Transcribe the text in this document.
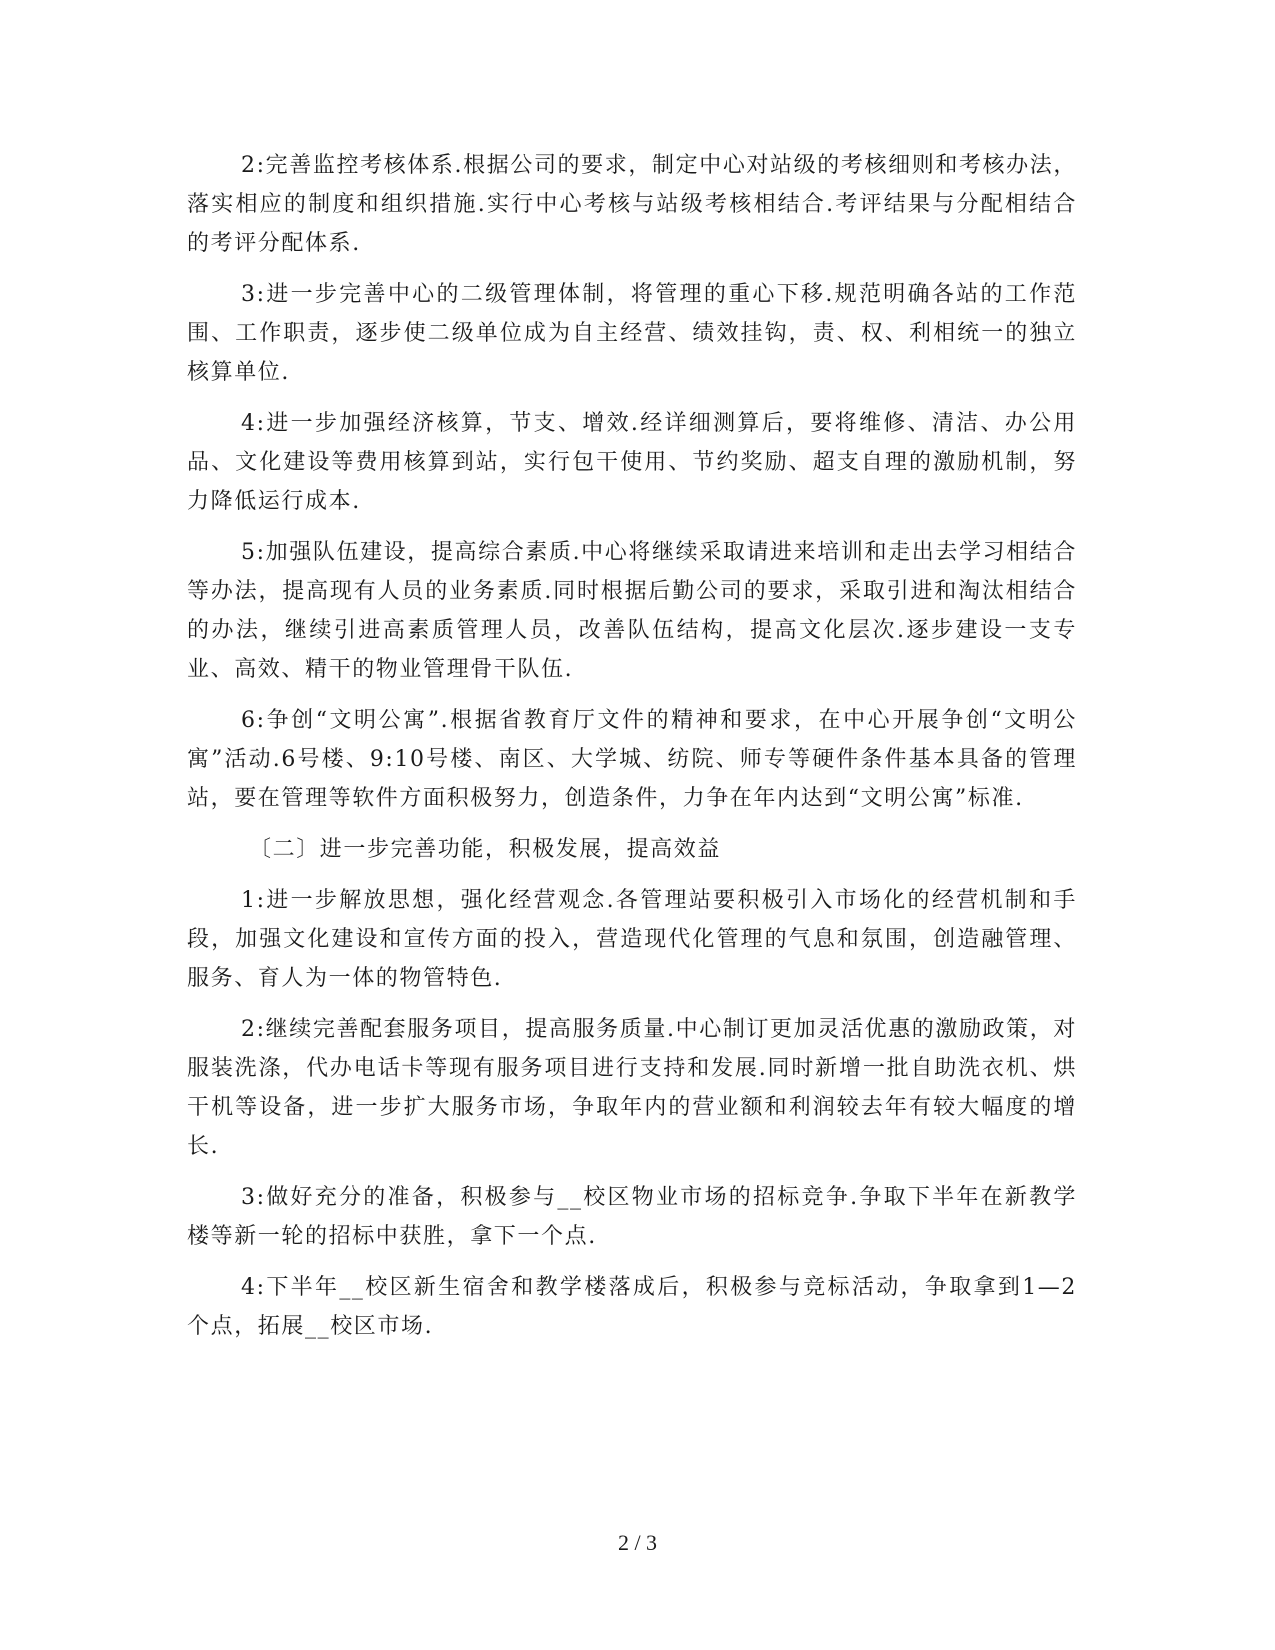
2:完善监控考核体系.根据公司的要求，制定中心对站级的考核细则和考核办法，落实相应的制度和组织措施.实行中心考核与站级考核相结合.考评结果与分配相结合的考评分配体系.

3:进一步完善中心的二级管理体制，将管理的重心下移.规范明确各站的工作范围、工作职责，逐步使二级单位成为自主经营、绩效挂钩，责、权、利相统一的独立核算单位.

4:进一步加强经济核算，节支、增效.经详细测算后，要将维修、清洁、办公用品、文化建设等费用核算到站，实行包干使用、节约奖励、超支自理的激励机制，努力降低运行成本.

5:加强队伍建设，提高综合素质.中心将继续采取请进来培训和走出去学习相结合等办法，提高现有人员的业务素质.同时根据后勤公司的要求，采取引进和淘汰相结合的办法，继续引进高素质管理人员，改善队伍结构，提高文化层次.逐步建设一支专业、高效、精干的物业管理骨干队伍.

6:争创“文明公寓”.根据省教育厅文件的精神和要求，在中心开展争创“文明公寓”活动.6号楼、9:10号楼、南区、大学城、纺院、师专等硬件条件基本具备的管理站，要在管理等软件方面积极努力，创造条件，力争在年内达到“文明公寓”标准.

〔二〕进一步完善功能，积极发展，提高效益

1:进一步解放思想，强化经营观念.各管理站要积极引入市场化的经营机制和手段，加强文化建设和宣传方面的投入，营造现代化管理的气息和氛围，创造融管理、服务、育人为一体的物管特色.

2:继续完善配套服务项目，提高服务质量.中心制订更加灵活优惠的激励政策，对服装洗涤，代办电话卡等现有服务项目进行支持和发展.同时新增一批自助洗衣机、烘干机等设备，进一步扩大服务市场，争取年内的营业额和利润较去年有较大幅度的增长.

3:做好充分的准备，积极参与__校区物业市场的招标竞争.争取下半年在新教学楼等新一轮的招标中获胜，拿下一个点.

4:下半年__校区新生宿舍和教学楼落成后，积极参与竞标活动，争取拿到1—2个点，拓展__校区市场.

2 / 3
